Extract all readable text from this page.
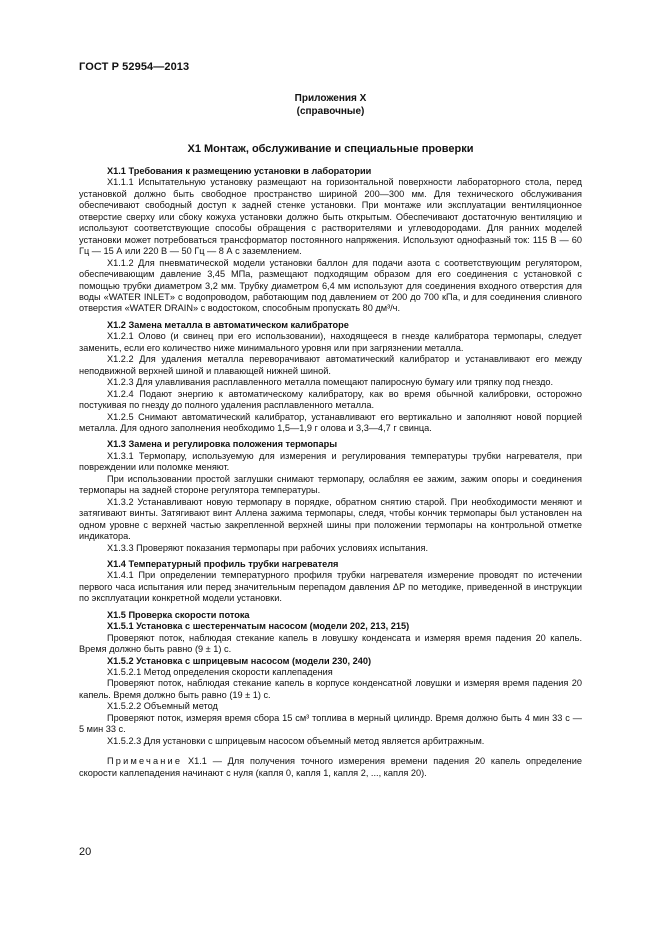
ГОСТ Р 52954—2013
Приложения Х
(справочные)
Х1 Монтаж, обслуживание и специальные проверки

Х1.1 Требования к размещению установки в лаборатории

Х1.1.1 Испытательную установку размещают на горизонтальной поверхности лабораторного стола, перед установкой должно быть свободное пространство шириной 200—300 мм. Для технического обслуживания обеспечивают свободный доступ к задней стенке установки. При монтаже или эксплуатации вентиляционное отверстие сверху или сбоку кожуха установки должно быть открытым. Обеспечивают достаточную вентиляцию и используют соответствующие способы обращения с растворителями и углеводородами. Для ранних моделей установки может потребоваться трансформатор постоянного напряжения. Используют однофазный ток: 115 В — 60 Гц — 15 А или 220 В — 50 Гц — 8 А с заземлением.

Х1.1.2 Для пневматической модели установки баллон для подачи азота с соответствующим регулятором, обеспечивающим давление 3,45 МПа, размещают подходящим образом для его соединения с установкой с помощью трубки диаметром 3,2 мм. Трубку диаметром 6,4 мм используют для соединения входного отверстия для воды «WATER INLET» с водопроводом, работающим под давлением от 200 до 700 кПа, и для соединения сливного отверстия «WATER DRAIN» с водостоком, способным пропускать 80 дм³/ч.

Х1.2 Замена металла в автоматическом калибраторе

Х1.2.1 Олово (и свинец при его использовании), находящееся в гнезде калибратора термопары, следует заменить, если его количество ниже минимального уровня или при загрязнении металла.

Х1.2.2 Для удаления металла переворачивают автоматический калибратор и устанавливают его между неподвижной верхней шиной и плавающей нижней шиной.

Х1.2.3 Для улавливания расплавленного металла помещают папиросную бумагу или тряпку под гнездо.

Х1.2.4 Подают энергию к автоматическому калибратору, как во время обычной калибровки, осторожно постукивая по гнезду до полного удаления расплавленного металла.

Х1.2.5 Снимают автоматический калибратор, устанавливают его вертикально и заполняют новой порцией металла. Для одного заполнения необходимо 1,5—1,9 г олова и 3,3—4,7 г свинца.

Х1.3 Замена и регулировка положения термопары

Х1.3.1 Термопару, используемую для измерения и регулирования температуры трубки нагревателя, при повреждении или поломке меняют.

При использовании простой заглушки снимают термопару, ослабляя ее зажим, зажим опоры и соединения термопары на задней стороне регулятора температуры.

Х1.3.2 Устанавливают новую термопару в порядке, обратном снятию старой. При необходимости меняют и затягивают винты. Затягивают винт Аллена зажима термопары, следя, чтобы кончик термопары был установлен на одном уровне с верхней частью закрепленной верхней шины при положении термопары на контрольной отметке индикатора.

Х1.3.3 Проверяют показания термопары при рабочих условиях испытания.

Х1.4 Температурный профиль трубки нагревателя

Х1.4.1 При определении температурного профиля трубки нагревателя измерение проводят по истечении первого часа испытания или перед значительным перепадом давления ΔP по методике, приведенной в инструкции по эксплуатации конкретной модели установки.

Х1.5 Проверка скорости потока

Х1.5.1 Установка с шестеренчатым насосом (модели 202, 213, 215)

Проверяют поток, наблюдая стекание капель в ловушку конденсата и измеряя время падения 20 капель. Время должно быть равно (9 ± 1) с.

Х1.5.2 Установка с шприцевым насосом (модели 230, 240)

Х1.5.2.1 Метод определения скорости каплепадения

Проверяют поток, наблюдая стекание капель в корпусе конденсатной ловушки и измеряя время падения 20 капель. Время должно быть равно (19 ± 1) с.

Х1.5.2.2 Объемный метод

Проверяют поток, измеряя время сбора 15 см³ топлива в мерный цилиндр. Время должно быть 4 мин 33 с — 5 мин 33 с.

Х1.5.2.3 Для установки с шприцевым насосом объемный метод является арбитражным.

Примечание Х1.1 — Для получения точного измерения времени падения 20 капель определение скорости каплепадения начинают с нуля (капля 0, капля 1, капля 2, ..., капля 20).

20
